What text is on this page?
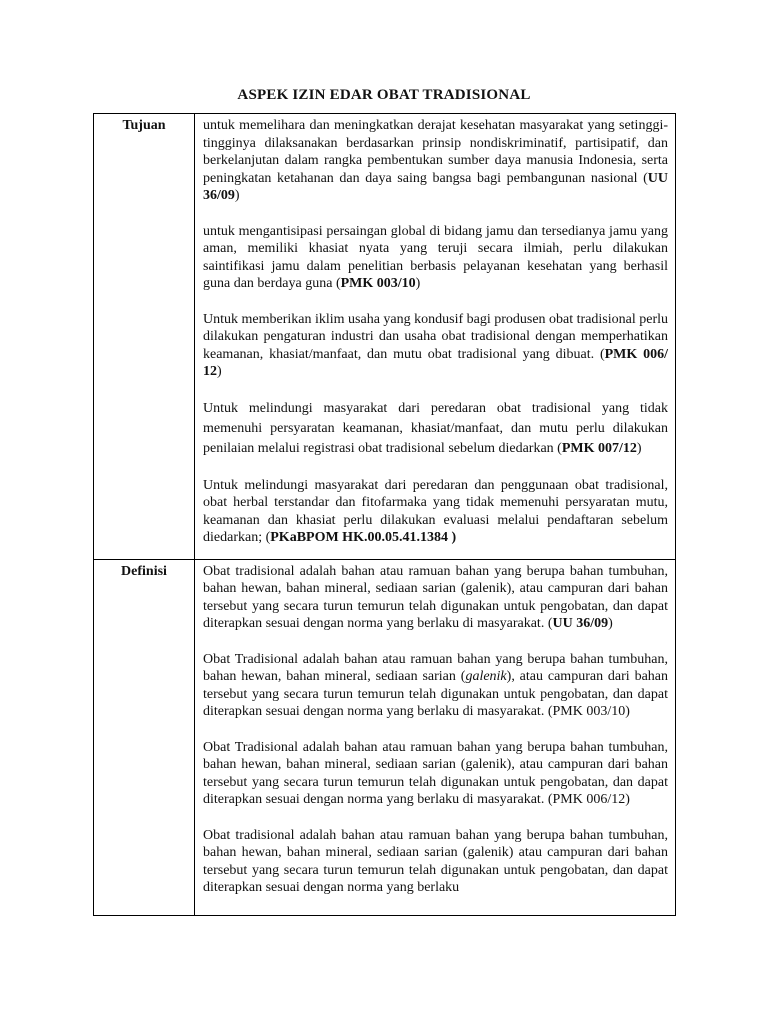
ASPEK IZIN EDAR OBAT TRADISIONAL
Tujuan	untuk memelihara dan meningkatkan derajat kesehatan masyarakat yang setinggi-tingginya dilaksanakan berdasarkan prinsip nondiskriminatif, partisipatif, dan berkelanjutan dalam rangka pembentukan sumber daya manusia Indonesia, serta peningkatan ketahanan dan daya saing bangsa bagi pembangunan nasional (UU 36/09)

untuk mengantisipasi persaingan global di bidang jamu dan tersedianya jamu yang aman, memiliki khasiat nyata yang teruji secara ilmiah, perlu dilakukan saintifikasi jamu dalam penelitian berbasis pelayanan kesehatan yang berhasil guna dan berdaya guna (PMK 003/10)

Untuk memberikan iklim usaha yang kondusif bagi produsen obat tradisional perlu dilakukan pengaturan industri dan usaha obat tradisional dengan memperhatikan keamanan, khasiat/manfaat, dan mutu obat tradisional yang dibuat. (PMK 006/ 12)

Untuk melindungi masyarakat dari peredaran obat tradisional yang tidak memenuhi persyaratan keamanan, khasiat/manfaat, dan mutu perlu dilakukan penilaian melalui registrasi obat tradisional sebelum diedarkan (PMK 007/12)

Untuk melindungi masyarakat dari peredaran dan penggunaan obat tradisional, obat herbal terstandar dan fitofarmaka yang tidak memenuhi persyaratan mutu, keamanan dan khasiat perlu dilakukan evaluasi melalui pendaftaran sebelum diedarkan; (PKaBPOM HK.00.05.41.1384 )

Definisi	Obat tradisional adalah bahan atau ramuan bahan yang berupa bahan tumbuhan, bahan hewan, bahan mineral, sediaan sarian (galenik), atau campuran dari bahan tersebut yang secara turun temurun telah digunakan untuk pengobatan, dan dapat diterapkan sesuai dengan norma yang berlaku di masyarakat. (UU 36/09)

Obat Tradisional adalah bahan atau ramuan bahan yang berupa bahan tumbuhan, bahan hewan, bahan mineral, sediaan sarian (galenik), atau campuran dari bahan tersebut yang secara turun temurun telah digunakan untuk pengobatan, dan dapat diterapkan sesuai dengan norma yang berlaku di masyarakat. (PMK 003/10)

Obat Tradisional adalah bahan atau ramuan bahan yang berupa bahan tumbuhan, bahan hewan, bahan mineral, sediaan sarian (galenik), atau campuran dari bahan tersebut yang secara turun temurun telah digunakan untuk pengobatan, dan dapat diterapkan sesuai dengan norma yang berlaku di masyarakat. (PMK 006/12)

Obat tradisional adalah bahan atau ramuan bahan yang berupa bahan tumbuhan, bahan hewan, bahan mineral, sediaan sarian (galenik) atau campuran dari bahan tersebut yang secara turun temurun telah digunakan untuk pengobatan, dan dapat diterapkan sesuai dengan norma yang berlaku
